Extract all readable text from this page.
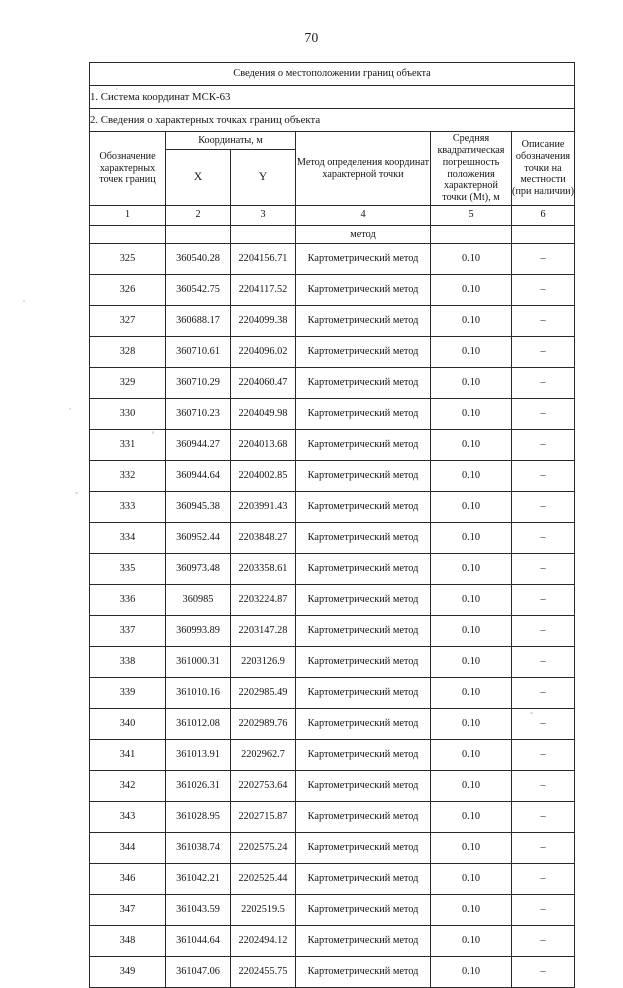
70
Сведения о местоположении границ объекта					
1. Система координат МСК-63					
2. Сведения о характерных точках границ объекта					
Обозначение характерных точек границ	Координаты, м		Метод определения координат характерной точки	Средняя квадратическая погрешность положения характерной точки (Mt), м	Описание обозначения точки на местности (при наличии)
	X	Y			
1	2	3	4	5	6
			метод		
325	360540.28	2204156.71	Картометрический метод	0.10	–
326	360542.75	2204117.52	Картометрический метод	0.10	–
327	360688.17	2204099.38	Картометрический метод	0.10	–
328	360710.61	2204096.02	Картометрический метод	0.10	–
329	360710.29	2204060.47	Картометрический метод	0.10	–
330	360710.23	2204049.98	Картометрический метод	0.10	–
331	360944.27	2204013.68	Картометрический метод	0.10	–
332	360944.64	2204002.85	Картометрический метод	0.10	–
333	360945.38	2203991.43	Картометрический метод	0.10	–
334	360952.44	2203848.27	Картометрический метод	0.10	–
335	360973.48	2203358.61	Картометрический метод	0.10	–
336	360985	2203224.87	Картометрический метод	0.10	–
337	360993.89	2203147.28	Картометрический метод	0.10	–
338	361000.31	2203126.9	Картометрический метод	0.10	–
339	361010.16	2202985.49	Картометрический метод	0.10	–
340	361012.08	2202989.76	Картометрический метод	0.10	–
341	361013.91	2202962.7	Картометрический метод	0.10	–
342	361026.31	2202753.64	Картометрический метод	0.10	–
343	361028.95	2202715.87	Картометрический метод	0.10	–
344	361038.74	2202575.24	Картометрический метод	0.10	–
346	361042.21	2202525.44	Картометрический метод	0.10	–
347	361043.59	2202519.5	Картометрический метод	0.10	–
348	361044.64	2202494.12	Картометрический метод	0.10	–
349	361047.06	2202455.75	Картометрический метод	0.10	–
